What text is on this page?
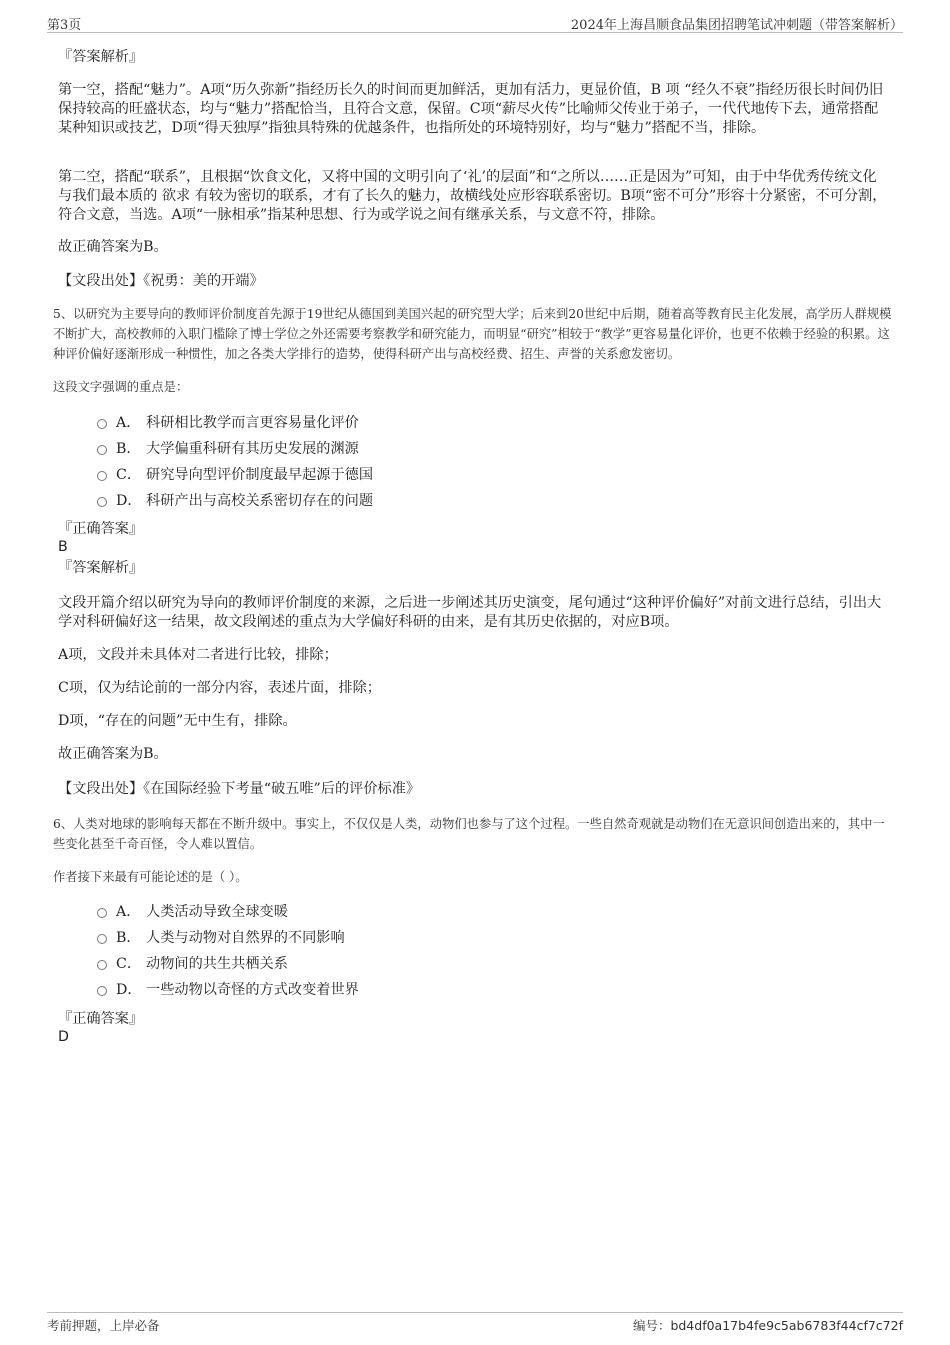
第3页	2024年上海昌顺食品集团招聘笔试冲刺题（带答案解析）
『答案解析』

第一空，搭配“魅力”。A项“历久弥新”指经历长久的时间而更加鲜活，更加有活力，更显价值，B 项 “经久不衰”指经历很长时间仍旧保持较高的旺盛状态，均与“魅力”搭配恰当，且符合文意，保留。C项“薪尽火传”比喻师父传业于弟子，一代代地传下去，通常搭配某种知识或技艺，D项“得天独厚”指独具特殊的优越条件，也指所处的环境特别好，均与“魅力”搭配不当，排除。

第二空，搭配“联系”，且根据“饮食文化，又将中国的文明引向了‘礼’的层面”和“之所以……正是因为”可知，由于中华优秀传统文化与我们最本质的 欲求 有较为密切的联系，才有了长久的魅力，故横线处应形容联系密切。B项“密不可分”形容十分紧密，不可分割，符合文意，当选。A项“一脉相承”指某种思想、行为或学说之间有继承关系，与文意不符，排除。

故正确答案为B。

【文段出处】《祝勇：美的开端》

5、以研究为主要导向的教师评价制度首先源于19世纪从德国到美国兴起的研究型大学；后来到20世纪中后期，随着高等教育民主化发展，高学历人群规模不断扩大，高校教师的入职门槛除了博士学位之外还需要考察教学和研究能力，而明显“研究”相较于“教学”更容易量化评价，也更不依赖于经验的积累。这种评价偏好逐渐形成一种惯性，加之各类大学排行的造势，使得科研产出与高校经费、招生、声誉的关系愈发密切。

这段文字强调的重点是：

A． 科研相比教学而言更容易量化评价
B． 大学偏重科研有其历史发展的渊源
C． 研究导向型评价制度最早起源于德国
D． 科研产出与高校关系密切存在的问题
『正确答案』
B
『答案解析』

文段开篇介绍以研究为导向的教师评价制度的来源，之后进一步阐述其历史演变，尾句通过“这种评价偏好”对前文进行总结，引出大学对科研偏好这一结果，故文段阐述的重点为大学偏好科研的由来，是有其历史依据的，对应B项。

A项，文段并未具体对二者进行比较，排除；

C项，仅为结论前的一部分内容，表述片面，排除；

D项，“存在的问题”无中生有，排除。

故正确答案为B。

【文段出处】《在国际经验下考量“破五唯”后的评价标准》

6、人类对地球的影响每天都在不断升级中。事实上，不仅仅是人类，动物们也参与了这个过程。一些自然奇观就是动物们在无意识间创造出来的，其中一些变化甚至千奇百怪，令人难以置信。

作者接下来最有可能论述的是（ ）。

A． 人类活动导致全球变暖
B． 人类与动物对自然界的不同影响
C． 动物间的共生共栖关系
D． 一些动物以奇怪的方式改变着世界
『正确答案』
D
考前押题，上岸必备	编号：bd4df0a17b4fe9c5ab6783f44cf7c72f
